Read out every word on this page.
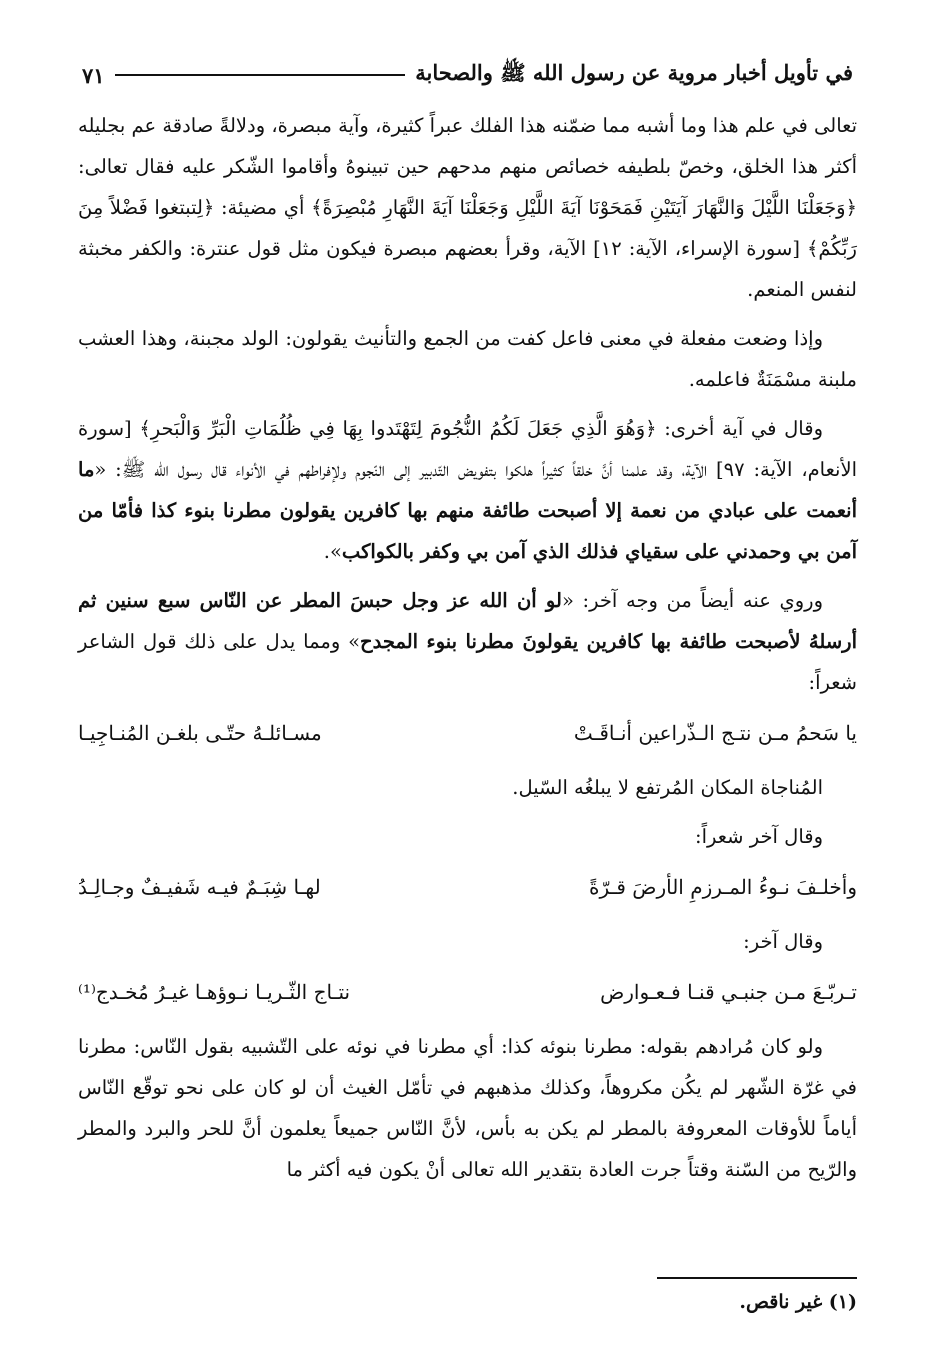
في تأويل أخبار مروية عن رسول الله ﷺ والصحابة
٧١

تعالى في علم هذا وما أشبه مما ضمّنه هذا الفلك عبراً كثيرة، وآية مبصرة، ودلالةً صادقة عم بجليله أكثر هذا الخلق، وخصّ بلطيفه خصائص منهم مدحهم حين تبينوهُ وأقاموا الشّكر عليه فقال تعالى: ﴿وَجَعَلْنَا اللَّيْلَ وَالنَّهَارَ آيَتَيْنِ فَمَحَوْنَا آيَةَ اللَّيْلِ وَجَعَلْنَا آيَةَ النَّهَارِ مُبْصِرَةً﴾ أي مضيئة: ﴿لِتبتغوا فَضْلاً مِنَ رَبِّكُمْ﴾ [سورة الإسراء، الآية: ١٢] الآية، وقرأ بعضهم مبصرة فيكون مثل قول عنترة: والكفر مخبثة لنفس المنعم.

وإذا وضعت مفعلة في معنى فاعل كفت من الجمع والتأنيث يقولون: الولد مجبنة، وهذا العشب ملبنة مسْمَنَةٌ فاعلمه.

وقال في آية أخرى: ﴿وَهُوَ الَّذِي جَعَلَ لَكُمُ النُّجُومَ لِتَهْتَدوا بِهَا فِي ظُلُمَاتِ الْبَرِّ وَالْبَحرِ﴾ [سورة الأنعام، الآية: ٩٧] الآية، وقد علمنا أنَّ خلقاً كثيراً هلكوا بتفويض التّدبير إلى النّجوم ولإفراطهم في الأنواء قال رسول الله ﷺ: «ما أنعمت على عبادي من نعمة إلا أصبحت طائفة منهم بها كافرين يقولون مطرنا بنوء كذا فأمّا من آمن بي وحمدني على سقياي فذلك الذي آمن بي وكفر بالكواكب».

وروي عنه أيضاً من وجه آخر: «لو أن الله عز وجل حبسَ المطر عن النّاس سبع سنين ثم أرسلهُ لأصبحت طائفة بها كافرين يقولونَ مطرنا بنوء المجدح» ومما يدل على ذلك قول الشاعر شعراً:

يا سَحمُ مـن نتـج الـذّراعين أنـاقَـتْ
مسـائلـهُ حتّـى بلغـن المُنـاجِيـا

المُناجاة المكان المُرتفع لا يبلغُه السّيل.

وقال آخر شعراً:

وأخلـفَ نـوءُ المـرزمِ الأرضَ قـرّةً
لهـا شِبَـمٌ فيـه شَفيـفٌ وجـالِـدُ

وقال آخر:

تـربّـعَ مـن جنبـي قنـا فـعـوارض
نتـاج الثّـريـا نـوؤهـا غيـرُ مُخـدج⁽¹⁾

ولو كان مُرادهم بقوله: مطرنا بنوئه كذا: أي مطرنا في نوئه على التّشبيه بقول النّاس: مطرنا في غرّة الشّهر لم يكُن مكروهاً، وكذلك مذهبهم في تأمّل الغيث أن لو كان على نحو توقّع النّاس أياماً للأوقات المعروفة بالمطر لم يكن به بأس، لأنَّ النّاس جميعاً يعلمون أنَّ للحر والبرد والمطر والرّيح من السّنة وقتاً جرت العادة بتقدير الله تعالى أنْ يكون فيه أكثر ما

(١) غير ناقص.
